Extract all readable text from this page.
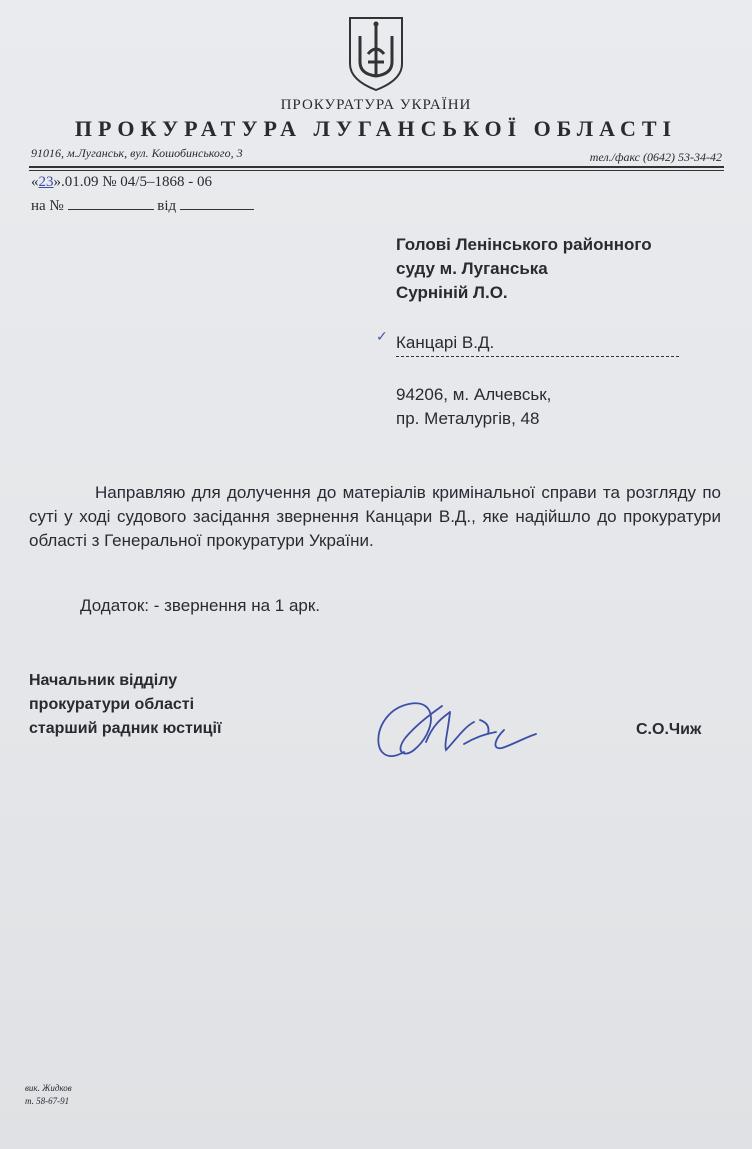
ПРОКУРАТУРА УКРАЇНИ
ПРОКУРАТУРА ЛУГАНСЬКОЇ ОБЛАСТІ
91016, м.Луганськ, вул. Кошобинського, 3	тел./факс (0642) 53-34-42
«23».01.09 № 04/5–1868 - 06
на №	від
Голові Ленінського районного
суду м. Луганська
Сурніній Л.О.
✓ Канцарі В.Д.
94206, м. Алчевськ,
пр. Металургів, 48
Направляю для долучення до матеріалів кримінальної справи та розгляду по суті у ході судового засідання звернення Канцари В.Д., яке надійшло до прокуратури області з Генеральної прокуратури України.
Додаток: - звернення на 1 арк.
Начальник відділу
прокуратури області
старший радник юстиції	С.О.Чиж
вик. Жидков
т. 58-67-91
